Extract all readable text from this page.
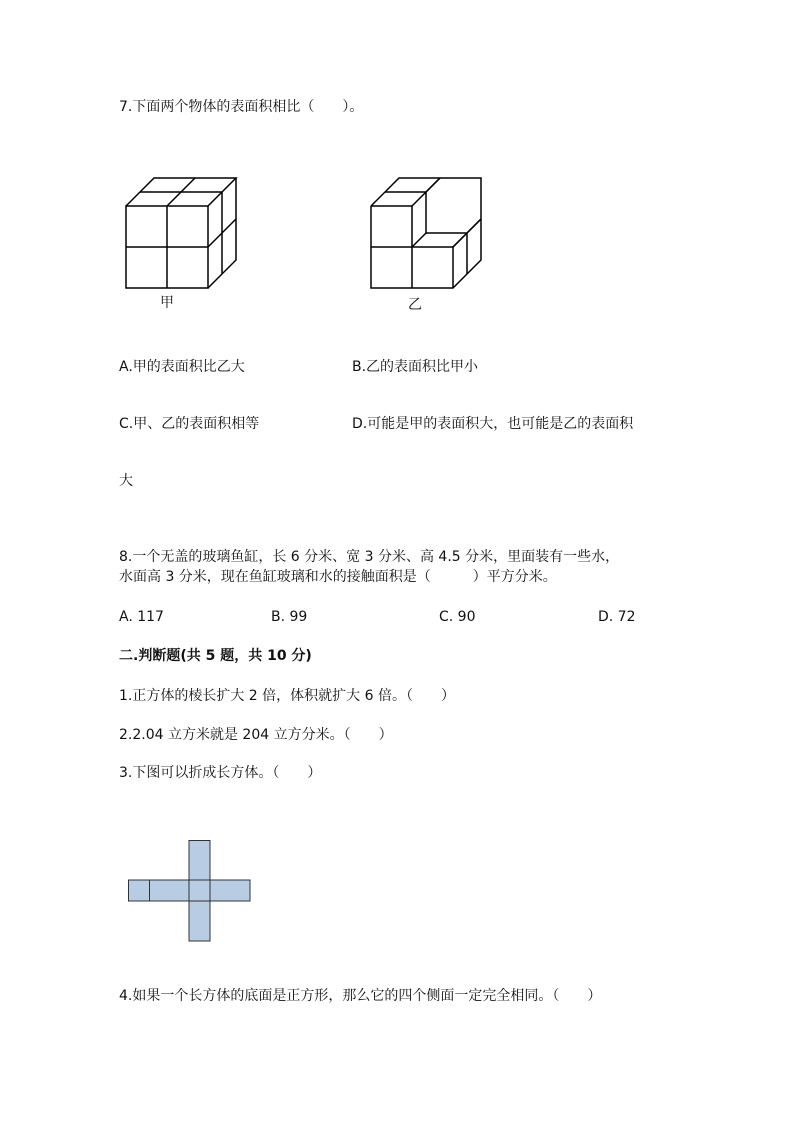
7.下面两个物体的表面积相比（　　）。
甲	乙
A.甲的表面积比乙大	B.乙的表面积比甲小
C.甲、乙的表面积相等	D.可能是甲的表面积大，也可能是乙的表面积
大
8.一个无盖的玻璃鱼缸，长 6 分米、宽 3 分米、高 4.5 分米，里面装有一些水，
水面高 3 分米，现在鱼缸玻璃和水的接触面积是（　　　）平方分米。
A. 117	B. 99	C. 90	D. 72
二.判断题(共 5 题，共 10 分)
1.正方体的棱长扩大 2 倍，体积就扩大 6 倍。（　　）
2.2.04 立方米就是 204 立方分米。（　　）
3.下图可以折成长方体。（　　）
4.如果一个长方体的底面是正方形，那么它的四个侧面一定完全相同。（　　）
